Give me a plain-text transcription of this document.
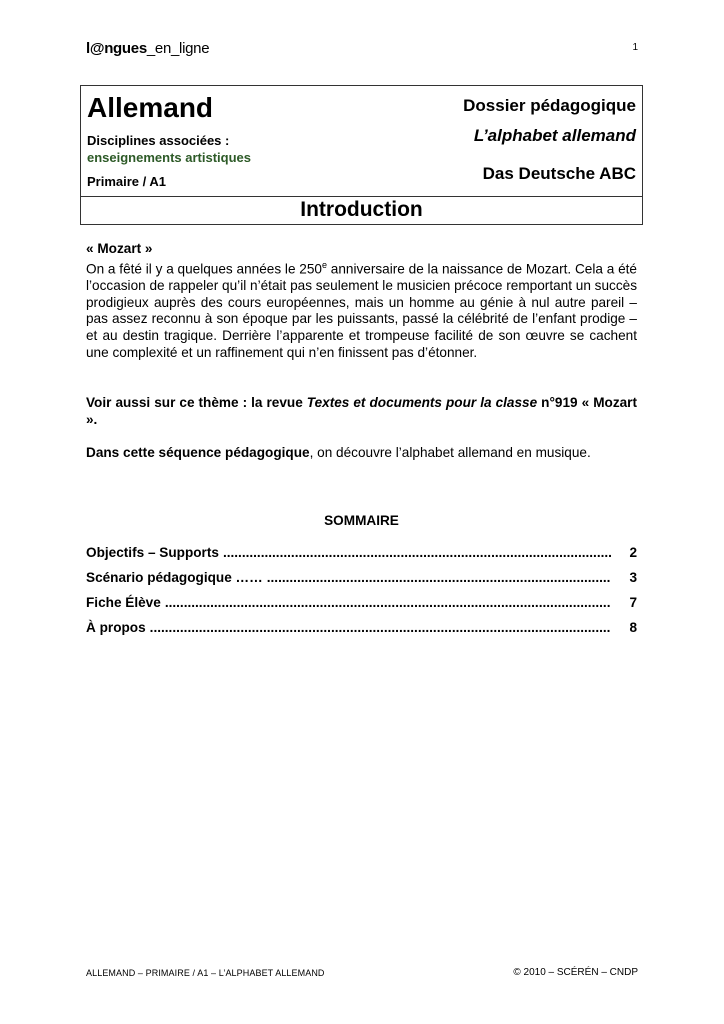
l@ngues_en_ligne	1
Allemand
Disciplines associées :
enseignements artistiques
Primaire / A1
Dossier pédagogique
L’alphabet allemand
Das Deutsche ABC
Introduction
« Mozart »
On a fêté il y a quelques années le 250e anniversaire de la naissance de Mozart. Cela a été l’occasion de rappeler qu’il n’était pas seulement le musicien précoce remportant un succès prodigieux auprès des cours européennes, mais un homme au génie à nul autre pareil – pas assez reconnu à son époque par les puissants, passé la célébrité de l’enfant prodige – et au destin tragique. Derrière l’apparente et trompeuse facilité de son œuvre se cachent une complexité et un raffinement qui n’en finissent pas d’étonner.
Voir aussi sur ce thème : la revue Textes et documents pour la classe n°919 « Mozart ».
Dans cette séquence pédagogique, on découvre l’alphabet allemand en musique.
SOMMAIRE
Objectifs – Supports .....	2
Scénario pédagogique …… .....	3
Fiche Élève .....	7
À propos .....	8
ALLEMAND – PRIMAIRE / A1 – L’ALPHABET ALLEMAND	© 2010 – SCÉRÉN – CNDP
